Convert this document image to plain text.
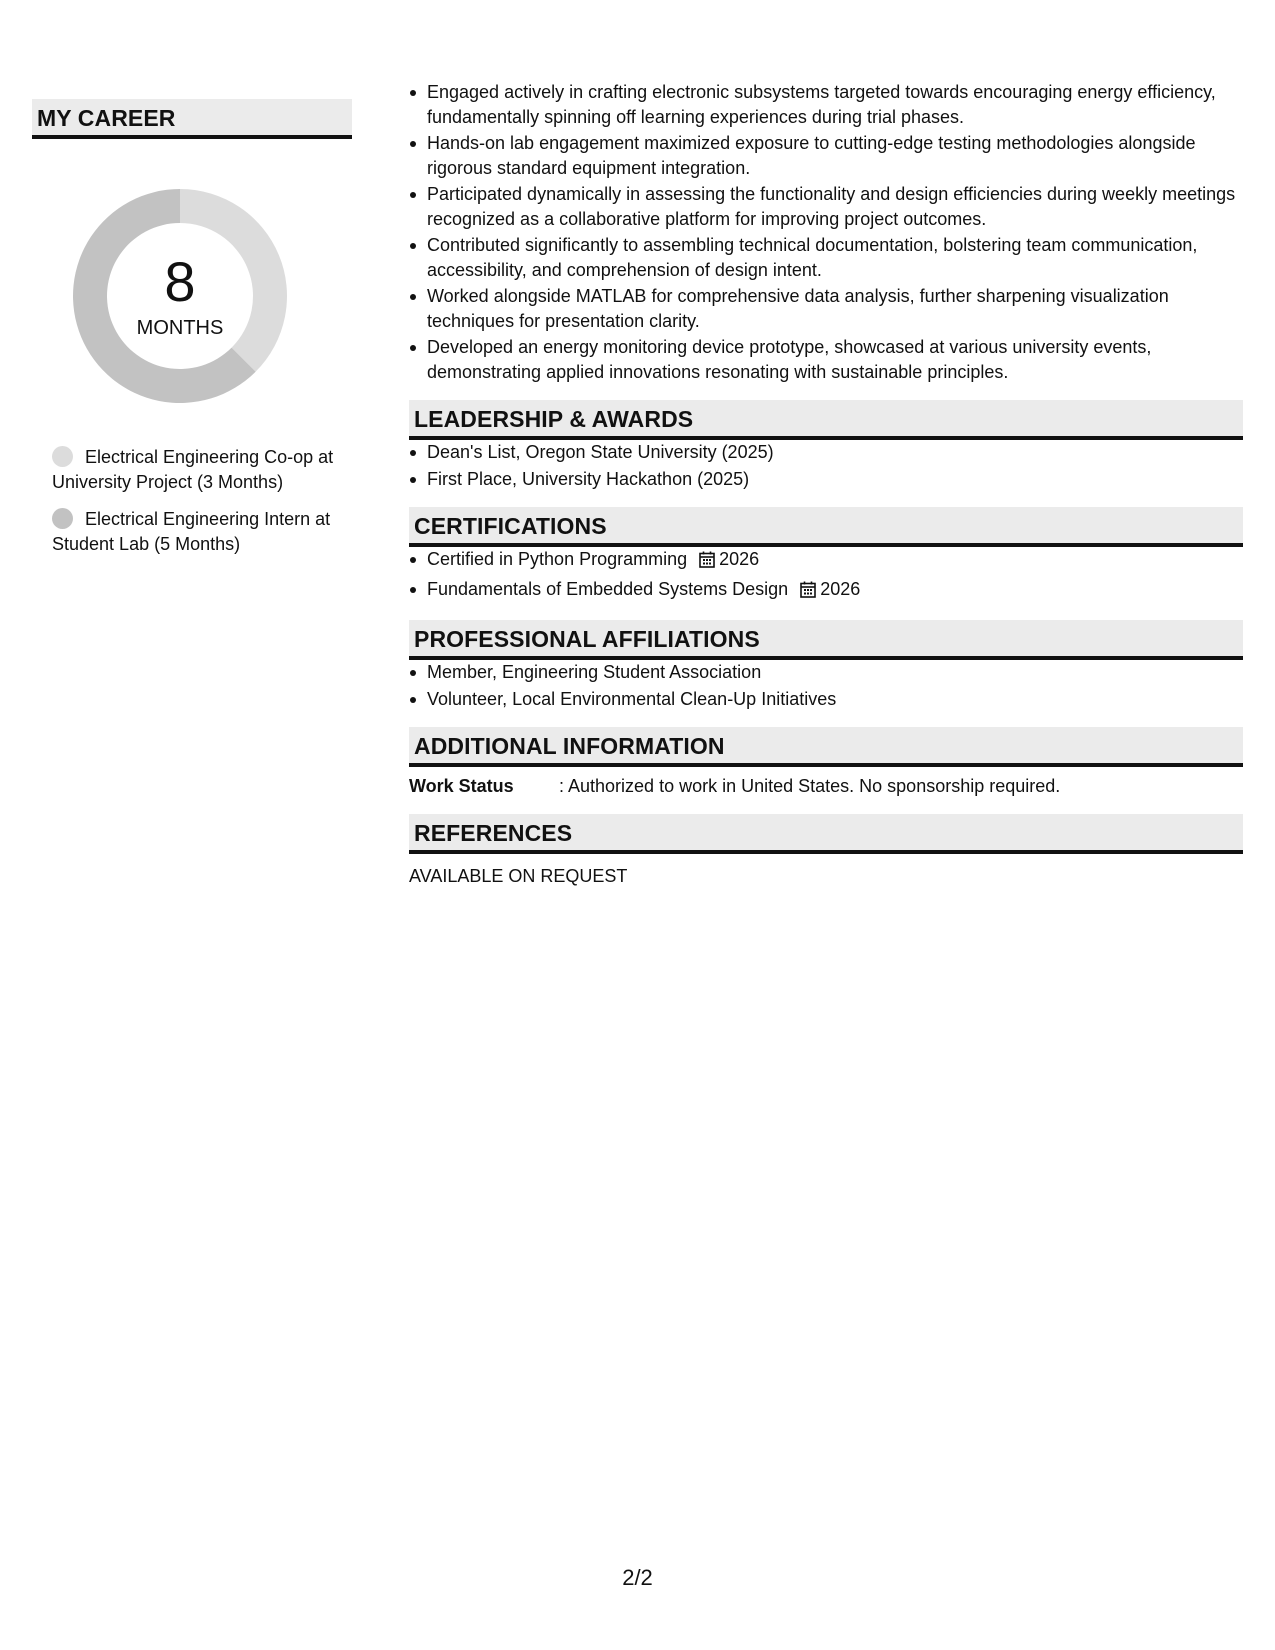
MY CAREER
8
MONTHS
Electrical Engineering Co-op at University Project (3 Months)
Electrical Engineering Intern at Student Lab (5 Months)
Engaged actively in crafting electronic subsystems targeted towards encouraging energy efficiency, fundamentally spinning off learning experiences during trial phases.
Hands-on lab engagement maximized exposure to cutting-edge testing methodologies alongside rigorous standard equipment integration.
Participated dynamically in assessing the functionality and design efficiencies during weekly meetings recognized as a collaborative platform for improving project outcomes.
Contributed significantly to assembling technical documentation, bolstering team communication, accessibility, and comprehension of design intent.
Worked alongside MATLAB for comprehensive data analysis, further sharpening visualization techniques for presentation clarity.
Developed an energy monitoring device prototype, showcased at various university events, demonstrating applied innovations resonating with sustainable principles.
LEADERSHIP & AWARDS
Dean's List, Oregon State University (2025)
First Place, University Hackathon (2025)
CERTIFICATIONS
Certified in Python Programming 2026
Fundamentals of Embedded Systems Design 2026
PROFESSIONAL AFFILIATIONS
Member, Engineering Student Association
Volunteer, Local Environmental Clean-Up Initiatives
ADDITIONAL INFORMATION
Work Status	: Authorized to work in United States. No sponsorship required.
REFERENCES
AVAILABLE ON REQUEST
2/2
